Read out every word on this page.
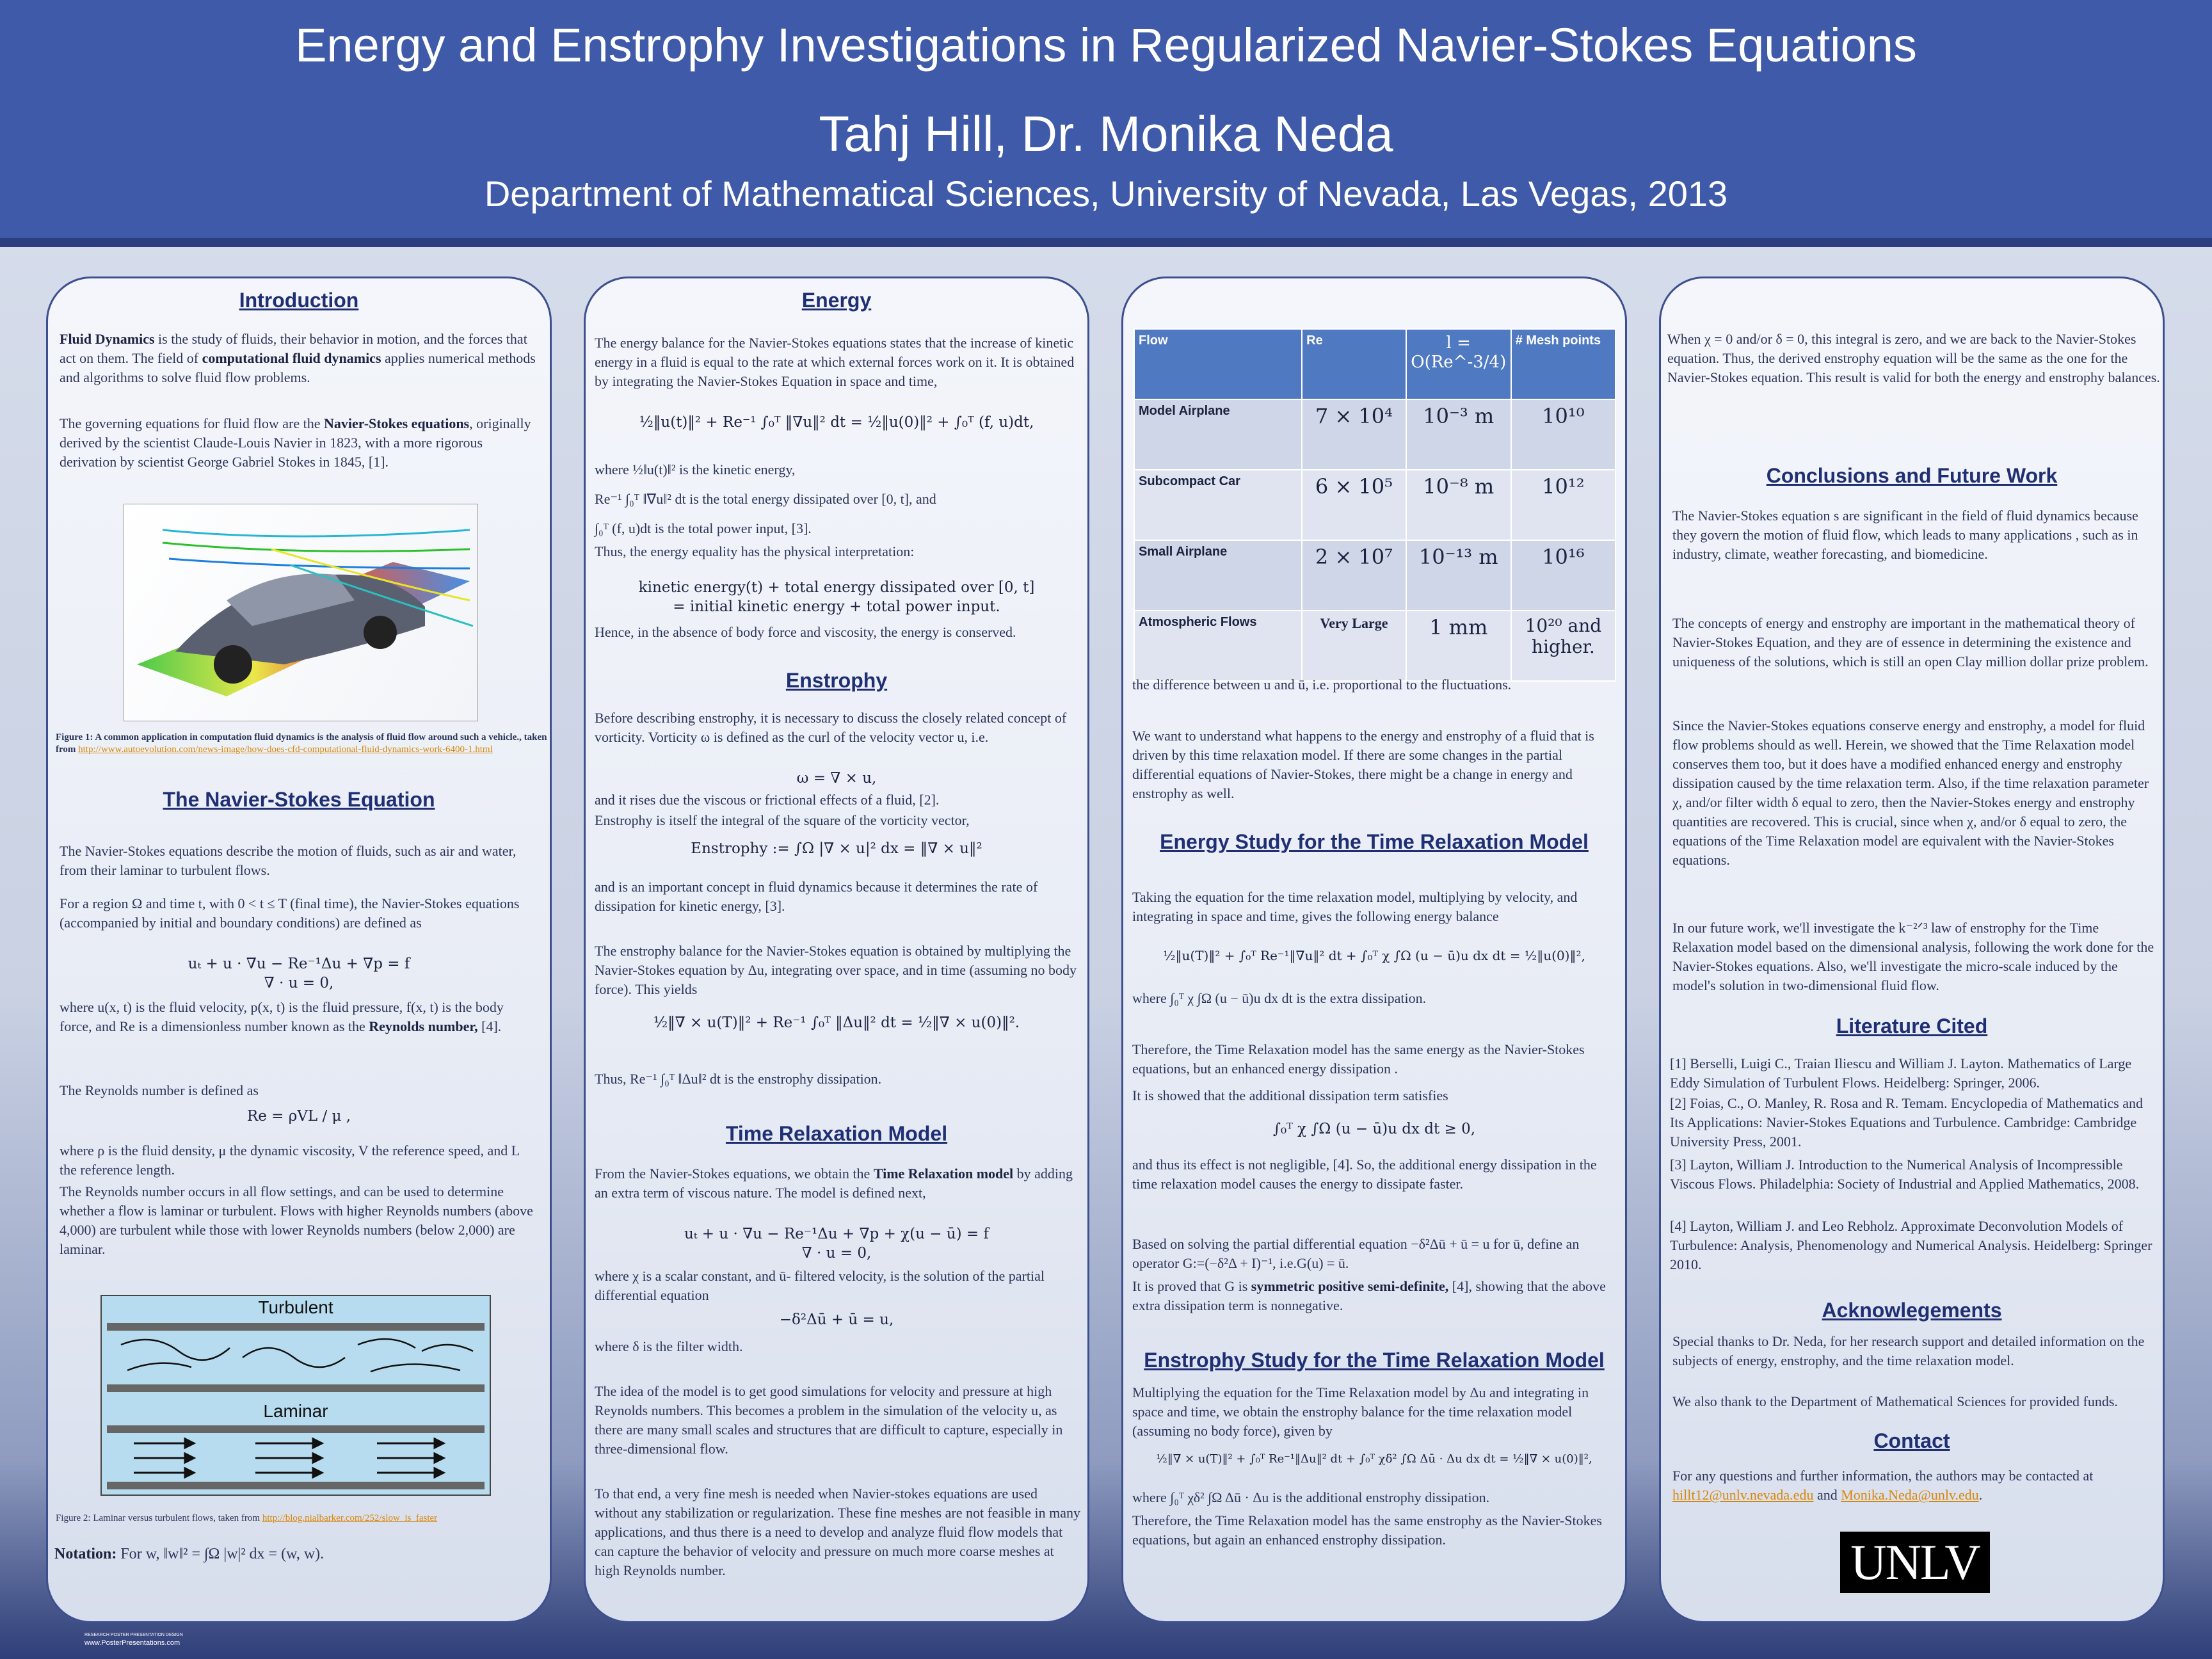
Energy and Enstrophy Investigations in Regularized Navier-Stokes Equations
Tahj Hill, Dr. Monika Neda
Department of Mathematical Sciences, University of Nevada, Las Vegas, 2013
Introduction
Fluid Dynamics is the study of fluids, their behavior in motion, and the forces that act on them. The field of computational fluid dynamics applies numerical methods and algorithms to solve fluid flow problems.
The governing equations for fluid flow are the Navier-Stokes equations, originally derived by the scientist Claude-Louis Navier in 1823, with a more rigorous derivation by scientist George Gabriel Stokes in 1845, [1].
Figure 1: A common application in computation fluid dynamics is the analysis of fluid flow around such a vehicle., taken from http://www.autoevolution.com/news-image/how-does-cfd-computational-fluid-dynamics-work-6400-1.html
The Navier-Stokes Equation
The Navier-Stokes equations describe the motion of fluids, such as air and water, from their laminar to turbulent flows.
For a region Ω and time t, with 0 < t ≤ T (final time), the Navier-Stokes equations (accompanied by initial and boundary conditions) are defined as
uₜ + u · ∇u − Re⁻¹Δu + ∇p = f
∇ · u = 0,
where u(x, t) is the fluid velocity, p(x, t) is the fluid pressure, f(x, t) is the body force, and Re is a dimensionless number known as the Reynolds number, [4].
The Reynolds number is defined as
Re = ρVL / μ ,
where ρ is the fluid density, μ the dynamic viscosity, V the reference speed, and L the reference length.
The Reynolds number occurs in all flow settings, and can be used to determine whether a flow is laminar or turbulent. Flows with higher Reynolds numbers (above 4,000) are turbulent while those with lower Reynolds numbers (below 2,000) are laminar.
Turbulent
Laminar
Figure 2: Laminar versus turbulent flows, taken from http://blog.nialbarker.com/252/slow_is_faster
Notation: For w, ‖w‖² = ∫Ω |w|² dx = (w, w).
Energy
The energy balance for the Navier-Stokes equations states that the increase of kinetic energy in a fluid is equal to the rate at which external forces work on it. It is obtained by integrating the Navier-Stokes Equation in space and time,
½‖u(t)‖² + Re⁻¹ ∫₀ᵀ ‖∇u‖² dt = ½‖u(0)‖² + ∫₀ᵀ (f, u)dt,
where ½‖u(t)‖² is the kinetic energy,
Re⁻¹ ∫₀ᵀ ‖∇u‖² dt is the total energy dissipated over [0, t], and
∫₀ᵀ (f, u)dt is the total power input, [3].
Thus, the energy equality has the physical interpretation:
kinetic energy(t) + total energy dissipated over [0, t]
= initial kinetic energy + total power input.
Hence, in the absence of body force and viscosity, the energy is conserved.
Enstrophy
Before describing enstrophy, it is necessary to discuss the closely related concept of vorticity. Vorticity ω is defined as the curl of the velocity vector u, i.e.
ω = ∇ × u,
and it rises due the viscous or frictional effects of a fluid, [2].
Enstrophy is itself the integral of the square of the vorticity vector,
Enstrophy := ∫Ω |∇ × u|² dx = ‖∇ × u‖²
and is an important concept in fluid dynamics because it determines the rate of dissipation for kinetic energy, [3].
The enstrophy balance for the Navier-Stokes equation is obtained by multiplying the Navier-Stokes equation by Δu, integrating over space, and in time (assuming no body force). This yields
½‖∇ × u(T)‖² + Re⁻¹ ∫₀ᵀ ‖Δu‖² dt = ½‖∇ × u(0)‖².
Thus, Re⁻¹ ∫₀ᵀ ‖Δu‖² dt is the enstrophy dissipation.
Time Relaxation Model
From the Navier-Stokes equations, we obtain the Time Relaxation model by adding an extra term of viscous nature. The model is defined next,
uₜ + u · ∇u − Re⁻¹Δu + ∇p + χ(u − ū) = f
∇ · u = 0,
where χ is a scalar constant, and ū- filtered velocity, is the solution of the partial differential equation
−δ²Δū + ū = u,
where δ is the filter width.
The idea of the model is to get good simulations for velocity and pressure at high Reynolds numbers. This becomes a problem in the simulation of the velocity u, as there are many small scales and structures that are difficult to capture, especially in three-dimensional flow.
To that end, a very fine mesh is needed when Navier-stokes equations are used without any stabilization or regularization. These fine meshes are not feasible in many applications, and thus there is a need to develop and analyze fluid flow models that can capture the behavior of velocity and pressure on much more coarse meshes at high Reynolds number.
Flow	Re	l = O(Re^-3/4)	# Mesh points
Model Airplane	7 × 10⁴	10⁻³ m	10¹⁰
Subcompact Car	6 × 10⁵	10⁻⁸ m	10¹²
Small Airplane	2 × 10⁷	10⁻¹³ m	10¹⁶
Atmospheric Flows	Very Large	1 mm	10²⁰ and higher.
the difference between u and ū, i.e. proportional to the fluctuations.
We want to understand what happens to the energy and enstrophy of a fluid that is driven by this time relaxation model. If there are some changes in the partial differential equations of Navier-Stokes, there might be a change in energy and enstrophy as well.
Energy Study for the Time Relaxation Model
Taking the equation for the time relaxation model, multiplying by velocity, and integrating in space and time, gives the following energy balance
½‖u(T)‖² + ∫₀ᵀ Re⁻¹‖∇u‖² dt + ∫₀ᵀ χ ∫Ω (u − ū)u dx dt = ½‖u(0)‖²,
where ∫₀ᵀ χ ∫Ω (u − ū)u dx dt is the extra dissipation.
Therefore, the Time Relaxation model has the same energy as the Navier-Stokes equations, but an enhanced energy dissipation .
It is showed that the additional dissipation term satisfies
∫₀ᵀ χ ∫Ω (u − ū)u dx dt ≥ 0,
and thus its effect is not negligible, [4]. So, the additional energy dissipation in the time relaxation model causes the energy to dissipate faster.
Based on solving the partial differential equation −δ²Δū + ū = u for ū, define an operator G:=(−δ²Δ + I)⁻¹, i.e.G(u) = ū.
It is proved that G is symmetric positive semi-definite, [4], showing that the above extra dissipation term is nonnegative.
Enstrophy Study for the Time Relaxation Model
Multiplying the equation for the Time Relaxation model by Δu and integrating in space and time, we obtain the enstrophy balance for the time relaxation model (assuming no body force), given by
½‖∇ × u(T)‖² + ∫₀ᵀ Re⁻¹‖Δu‖² dt + ∫₀ᵀ χδ² ∫Ω Δū · Δu dx dt = ½‖∇ × u(0)‖²,
where ∫₀ᵀ χδ² ∫Ω Δū · Δu is the additional enstrophy dissipation.
Therefore, the Time Relaxation model has the same enstrophy as the Navier-Stokes equations, but again an enhanced enstrophy dissipation.
When χ = 0 and/or δ = 0, this integral is zero, and we are back to the Navier-Stokes equation. Thus, the derived enstrophy equation will be the same as the one for the Navier-Stokes equation. This result is valid for both the energy and enstrophy balances.
Conclusions and Future Work
The Navier-Stokes equation s are significant in the field of fluid dynamics because they govern the motion of fluid flow, which leads to many applications , such as in industry, climate, weather forecasting, and biomedicine.
The concepts of energy and enstrophy are important in the mathematical theory of Navier-Stokes Equation, and they are of essence in determining the existence and uniqueness of the solutions, which is still an open Clay million dollar prize problem.
Since the Navier-Stokes equations conserve energy and enstrophy, a model for fluid flow problems should as well. Herein, we showed that the Time Relaxation model conserves them too, but it does have a modified enhanced energy and enstrophy dissipation caused by the time relaxation term. Also, if the time relaxation parameter χ, and/or filter width δ equal to zero, then the Navier-Stokes energy and enstrophy quantities are recovered. This is crucial, since when χ, and/or δ equal to zero, the equations of the Time Relaxation model are equivalent with the Navier-Stokes equations.
In our future work, we'll investigate the k⁻²ᐟ³ law of enstrophy for the Time Relaxation model based on the dimensional analysis, following the work done for the Navier-Stokes equations. Also, we'll investigate the micro-scale induced by the model's solution in two-dimensional fluid flow.
Literature Cited
[1] Berselli, Luigi C., Traian Iliescu and William J. Layton. Mathematics of Large Eddy Simulation of Turbulent Flows. Heidelberg: Springer, 2006.
[2] Foias, C., O. Manley, R. Rosa and R. Temam. Encyclopedia of Mathematics and Its Applications: Navier-Stokes Equations and Turbulence. Cambridge: Cambridge University Press, 2001.
[3] Layton, William J. Introduction to the Numerical Analysis of Incompressible Viscous Flows. Philadelphia: Society of Industrial and Applied Mathematics, 2008.
[4] Layton, William J. and Leo Rebholz. Approximate Deconvolution Models of Turbulence: Analysis, Phenomenology and Numerical Analysis. Heidelberg: Springer 2010.
Acknowlegements
Special thanks to Dr. Neda, for her research support and detailed information on the subjects of energy, enstrophy, and the time relaxation model.
We also thank to the Department of Mathematical Sciences for provided funds.
Contact
For any questions and further information, the authors may be contacted at hillt12@unlv.nevada.edu and Monika.Neda@unlv.edu.
UNLV
RESEARCH POSTER PRESENTATION DESIGN
www.PosterPresentations.com
